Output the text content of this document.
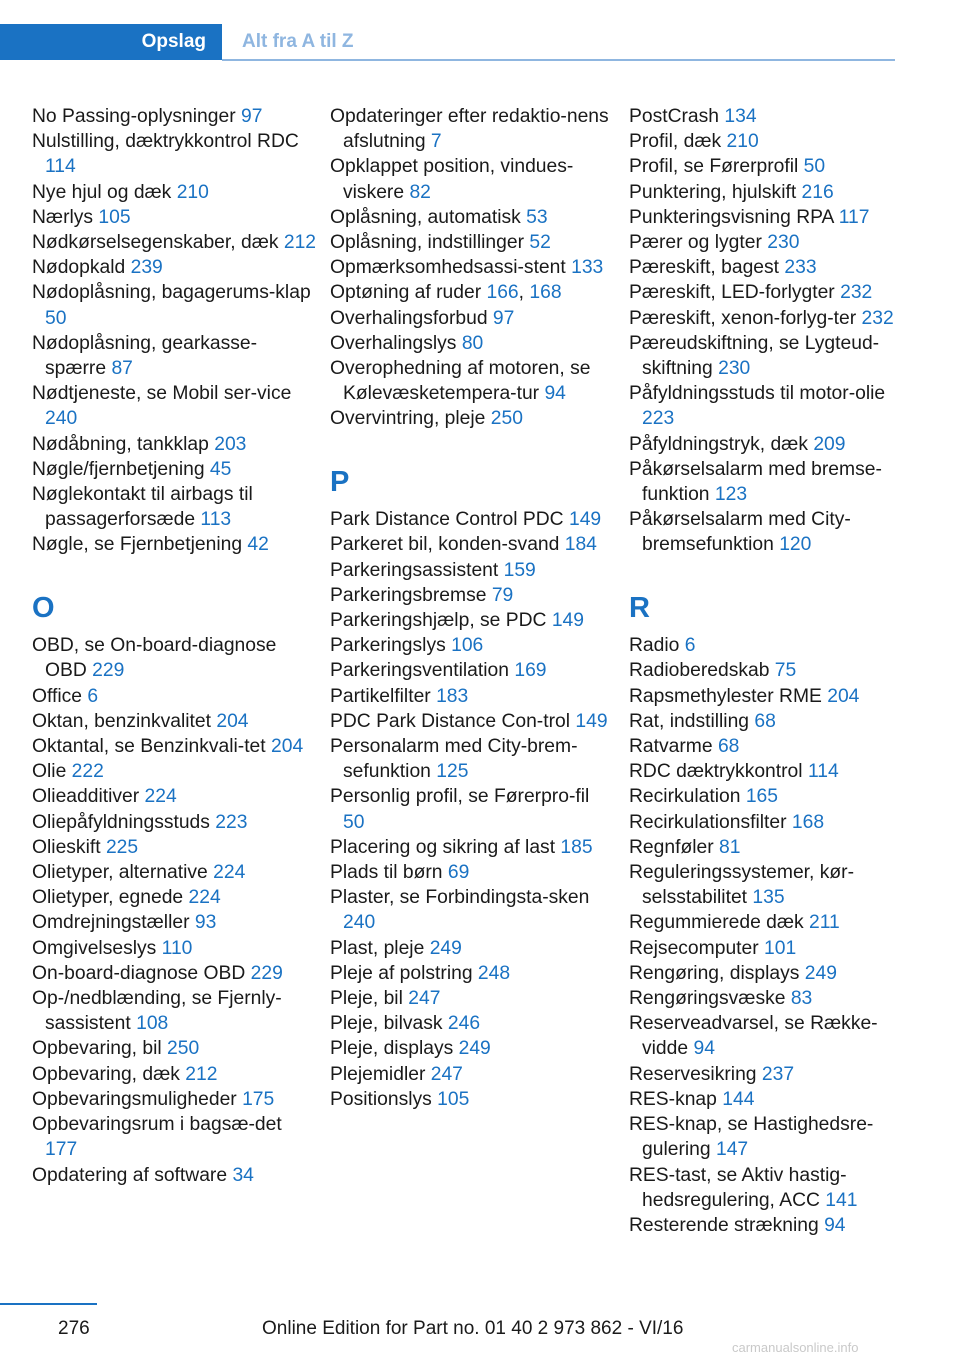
Opslag	Alt fra A til Z

No Passing-oplysninger 97

Nulstilling, dæktrykkontrol RDC 114

Nye hjul og dæk 210

Nærlys 105

Nødkørselsegenskaber, dæk 212

Nødopkald 239

Nødoplåsning, bagagerums-klap 50

Nødoplåsning, gearkasse-spærre 87

Nødtjeneste, se Mobil ser-vice 240

Nødåbning, tankklap 203

Nøgle/fjernbetjening 45

Nøglekontakt til airbags til passagerforsæde 113

Nøgle, se Fjernbetjening 42

O

OBD, se On-board-diagnose OBD 229

Office 6

Oktan, benzinkvalitet 204

Oktantal, se Benzinkvali-tet 204

Olie 222

Olieadditiver 224

Oliepåfyldningsstuds 223

Olieskift 225

Olietyper, alternative 224

Olietyper, egnede 224

Omdrejningstæller 93

Omgivelseslys 110

On-board-diagnose OBD 229

Op-/nedblænding, se Fjernly-sassistent 108

Opbevaring, bil 250

Opbevaring, dæk 212

Opbevaringsmuligheder 175

Opbevaringsrum i bagsæ-det 177

Opdatering af software 34

Opdateringer efter redaktio-nens afslutning 7

Opklappet position, vindues-viskere 82

Oplåsning, automatisk 53

Oplåsning, indstillinger 52

Opmærksomhedsassi-stent 133

Optøning af ruder 166, 168

Overhalingsforbud 97

Overhalingslys 80

Overophedning af motoren, se Kølevæsketempera-tur 94

Overvintring, pleje 250

P

Park Distance Control PDC 149

Parkeret bil, konden-svand 184

Parkeringsassistent 159

Parkeringsbremse 79

Parkeringshjælp, se PDC 149

Parkeringslys 106

Parkeringsventilation 169

Partikelfilter 183

PDC Park Distance Con-trol 149

Personalarm med City-brem-sefunktion 125

Personlig profil, se Førerpro-fil 50

Placering og sikring af last 185

Plads til børn 69

Plaster, se Forbindingsta-sken 240

Plast, pleje 249

Pleje af polstring 248

Pleje, bil 247

Pleje, bilvask 246

Pleje, displays 249

Plejemidler 247

Positionslys 105

PostCrash 134

Profil, dæk 210

Profil, se Førerprofil 50

Punktering, hjulskift 216

Punkteringsvisning RPA 117

Pærer og lygter 230

Pæreskift, bagest 233

Pæreskift, LED-forlygter 232

Pæreskift, xenon-forlyg-ter 232

Pæreudskiftning, se Lygteud-skiftning 230

Påfyldningsstuds til motor-olie 223

Påfyldningstryk, dæk 209

Påkørselsalarm med bremse-funktion 123

Påkørselsalarm med City-bremsefunktion 120

R

Radio 6

Radioberedskab 75

Rapsmethylester RME 204

Rat, indstilling 68

Ratvarme 68

RDC dæktrykkontrol 114

Recirkulation 165

Recirkulationsfilter 168

Regnføler 81

Reguleringssystemer, kør-selsstabilitet 135

Regummierede dæk 211

Rejsecomputer 101

Rengøring, displays 249

Rengøringsvæske 83

Reserveadvarsel, se Række-vidde 94

Reservesikring 237

RES-knap 144

RES-knap, se Hastighedsre-gulering 147

RES-tast, se Aktiv hastig-hedsregulering, ACC 141

Resterende strækning 94

276	Online Edition for Part no. 01 40 2 973 862 - VI/16
carmanualsonline.info
